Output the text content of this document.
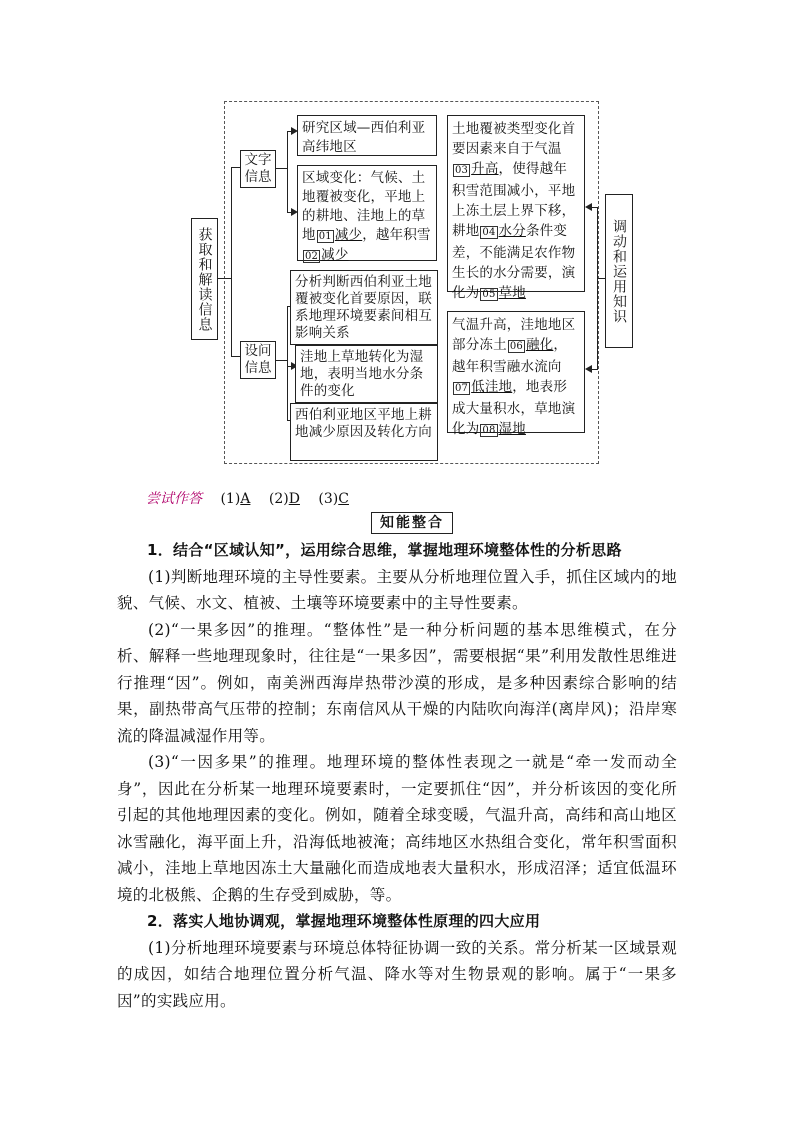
获取和解读信息
文字信息
设问信息
研究区域—西伯利亚高纬地区
区域变化：气候、土地覆被变化，平地上的耕地、洼地上的草地 01 减少，越年积雪02 减少
分析判断西伯利亚土地覆被变化首要原因，联系地理环境要素间相互影响关系
洼地上草地转化为湿地，表明当地水分条件的变化
西伯利亚地区平地上耕地减少原因及转化方向
土地覆被类型变化首要因素来自于气温03 升高，使得越年积雪范围减小，平地上冻土层上界下移，耕地 04 水分条件变差，不能满足农作物生长的水分需要，演化为 05 草地
气温升高，洼地地区部分冻土 06 融化，越年积雪融水流向07 低洼地，地表形成大量积水，草地演化为 08 湿地
调动和运用知识
尝试作答 (1)A (2)D (3)C
知能整合

1．结合“区域认知”，运用综合思维，掌握地理环境整体性的分析思路

(1)判断地理环境的主导性要素。主要从分析地理位置入手，抓住区域内的地貌、气候、水文、植被、土壤等环境要素中的主导性要素。

(2)“一果多因”的推理。“整体性”是一种分析问题的基本思维模式，在分析、解释一些地理现象时，往往是“一果多因”，需要根据“果”利用发散性思维进行推理“因”。例如，南美洲西海岸热带沙漠的形成，是多种因素综合影响的结果，副热带高气压带的控制；东南信风从干燥的内陆吹向海洋(离岸风)；沿岸寒流的降温减湿作用等。

(3)“一因多果”的推理。地理环境的整体性表现之一就是“牵一发而动全身”，因此在分析某一地理环境要素时，一定要抓住“因”，并分析该因的变化所引起的其他地理因素的变化。例如，随着全球变暖，气温升高，高纬和高山地区冰雪融化，海平面上升，沿海低地被淹；高纬地区水热组合变化，常年积雪面积减小，洼地上草地因冻土大量融化而造成地表大量积水，形成沼泽；适宜低温环境的北极熊、企鹅的生存受到威胁，等。

2．落实人地协调观，掌握地理环境整体性原理的四大应用

(1)分析地理环境要素与环境总体特征协调一致的关系。常分析某一区域景观的成因，如结合地理位置分析气温、降水等对生物景观的影响。属于“一果多因”的实践应用。
